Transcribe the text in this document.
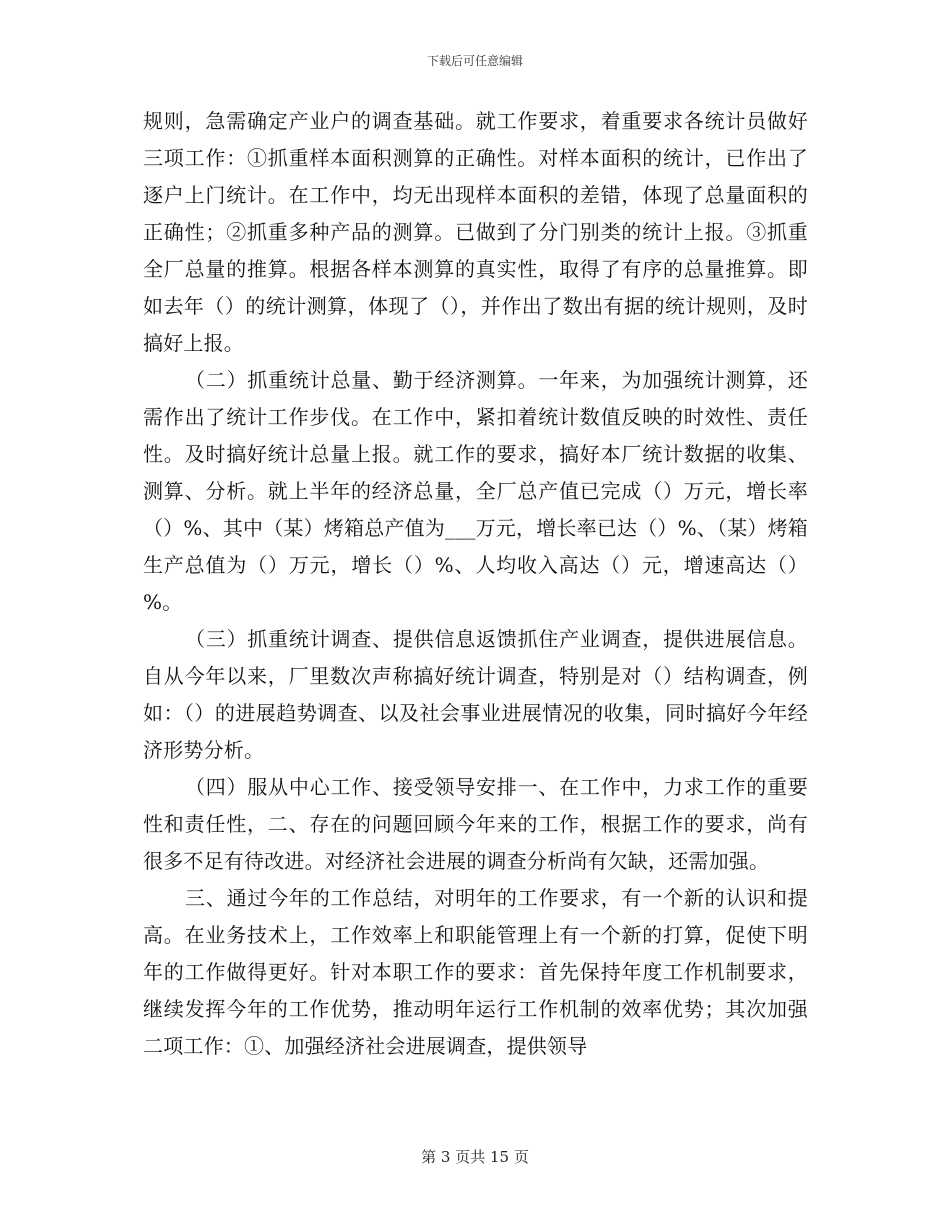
下载后可任意编辑

规则，急需确定产业户的调查基础。就工作要求，着重要求各统计员做好三项工作：①抓重样本面积测算的正确性。对样本面积的统计，已作出了逐户上门统计。在工作中，均无出现样本面积的差错，体现了总量面积的正确性；②抓重多种产品的测算。已做到了分门别类的统计上报。③抓重全厂总量的推算。根据各样本测算的真实性，取得了有序的总量推算。即如去年（）的统计测算，体现了（），并作出了数出有据的统计规则，及时搞好上报。

（二）抓重统计总量、勤于经济测算。一年来，为加强统计测算，还需作出了统计工作步伐。在工作中，紧扣着统计数值反映的时效性、责任性。及时搞好统计总量上报。就工作的要求，搞好本厂统计数据的收集、测算、分析。就上半年的经济总量，全厂总产值已完成（）万元，增长率（）%、其中（某）烤箱总产值为___万元，增长率已达（）%、（某）烤箱生产总值为（）万元，增长（）%、人均收入高达（）元，增速高达（）%。

（三）抓重统计调查、提供信息返馈抓住产业调查，提供进展信息。自从今年以来，厂里数次声称搞好统计调查，特别是对（）结构调查，例如：（）的进展趋势调查、以及社会事业进展情况的收集，同时搞好今年经济形势分析。

（四）服从中心工作、接受领导安排一、在工作中，力求工作的重要性和责任性，二、存在的问题回顾今年来的工作，根据工作的要求，尚有很多不足有待改进。对经济社会进展的调查分析尚有欠缺，还需加强。

三、通过今年的工作总结，对明年的工作要求，有一个新的认识和提高。在业务技术上，工作效率上和职能管理上有一个新的打算，促使下明年的工作做得更好。针对本职工作的要求：首先保持年度工作机制要求，继续发挥今年的工作优势，推动明年运行工作机制的效率优势；其次加强二项工作：①、加强经济社会进展调查，提供领导

第 3 页共 15 页
